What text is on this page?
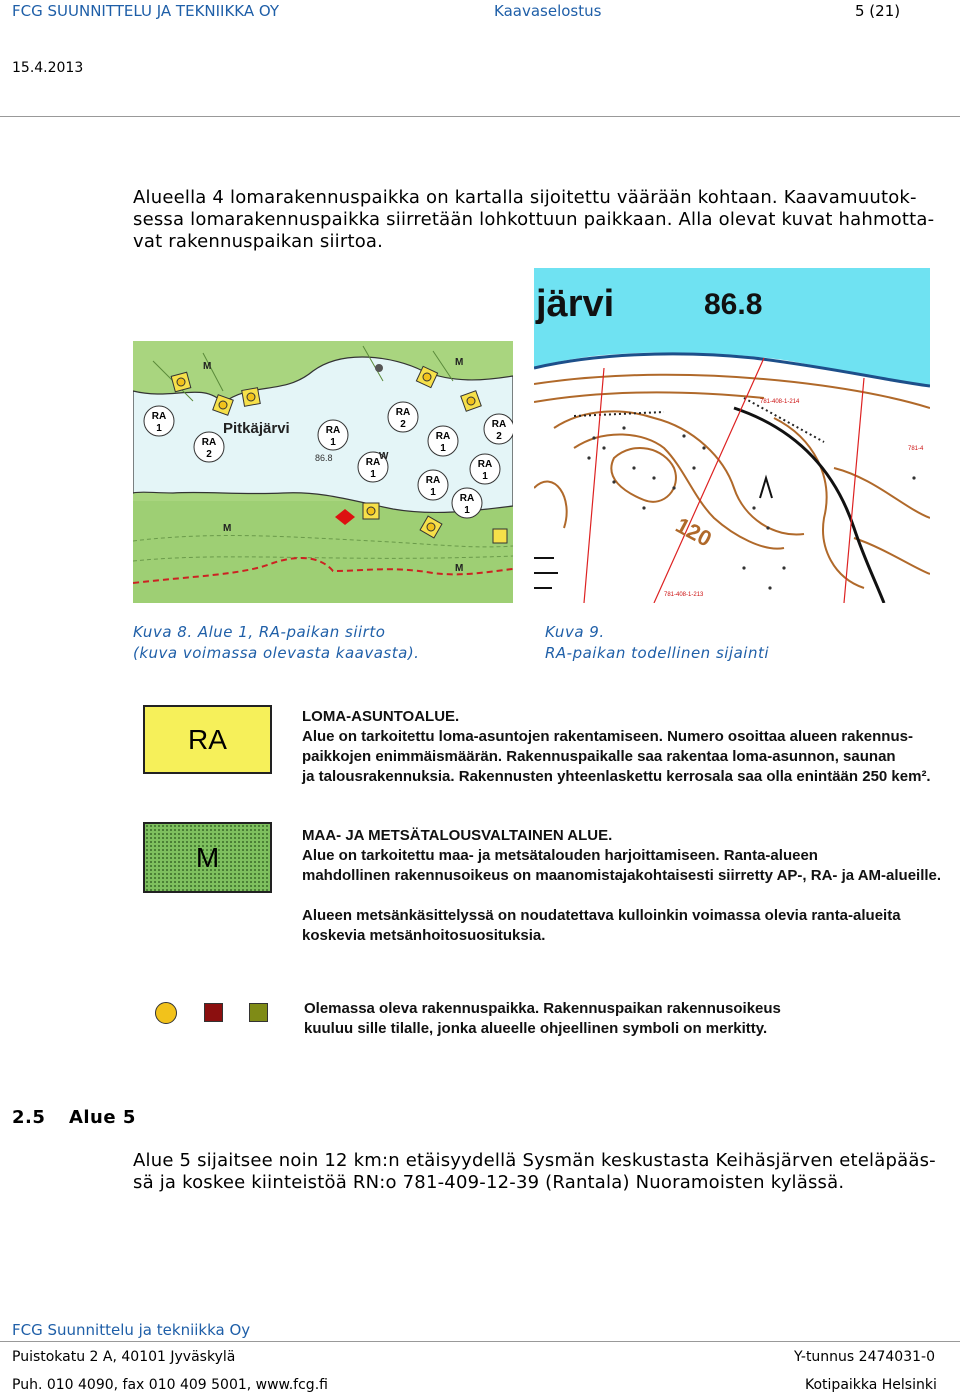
FCG SUUNNITTELU JA TEKNIIKKA OY	Kaavaselostus	5 (21)
15.4.2013
Alueella 4 lomarakennuspaikka on kartalla sijoitettu väärään kohtaan. Kaavamuutok-
sessa lomarakennuspaikka siirretään lohkottuun paikkaan. Alla olevat kuvat hahmotta-
vat rakennuspaikan siirtoa.
RA
1
RA
2
RA
1
RA
2
RA
1
RA
2
RA
1
RA
1
RA
1
RA
1
Pitkäjärvi
86.8	W
M	M
M
M
järvi	86.8
120
781-408-1-214
781-408-1-213
781-4
Kuva 8. Alue 1, RA-paikan siirto
(kuva voimassa olevasta kaavasta).
Kuva 9.
RA-paikan todellinen sijainti
RA
LOMA-ASUNTOALUE.
Alue on tarkoitettu loma-asuntojen rakentamiseen. Numero osoittaa alueen rakennus-
paikkojen enimmäismäärän. Rakennuspaikalle saa rakentaa loma-asunnon, saunan
ja talousrakennuksia. Rakennusten yhteenlaskettu kerrosala saa olla enintään 250 kem².
M
MAA- JA METSÄTALOUSVALTAINEN ALUE.
Alue on tarkoitettu maa- ja metsätalouden harjoittamiseen. Ranta-alueen
mahdollinen rakennusoikeus on maanomistajakohtaisesti siirretty AP-, RA- ja AM-alueille.
Alueen metsänkäsittelyssä on noudatettava kulloinkin voimassa olevia ranta-alueita
koskevia metsänhoitosuosituksia.
Olemassa oleva rakennuspaikka. Rakennuspaikan rakennusoikeus
kuuluu sille tilalle, jonka alueelle ohjeellinen symboli on merkitty.
2.5 Alue 5
Alue 5 sijaitsee noin 12 km:n etäisyydellä Sysmän keskustasta Keihäsjärven eteläpääs-
sä ja koskee kiinteistöä RN:o 781-409-12-39 (Rantala) Nuoramoisten kylässä.
FCG Suunnittelu ja tekniikka Oy
Puistokatu 2 A, 40101 Jyväskylä	Y-tunnus 2474031-0
Puh. 010 4090, fax 010 409 5001, www.fcg.fi	Kotipaikka Helsinki
